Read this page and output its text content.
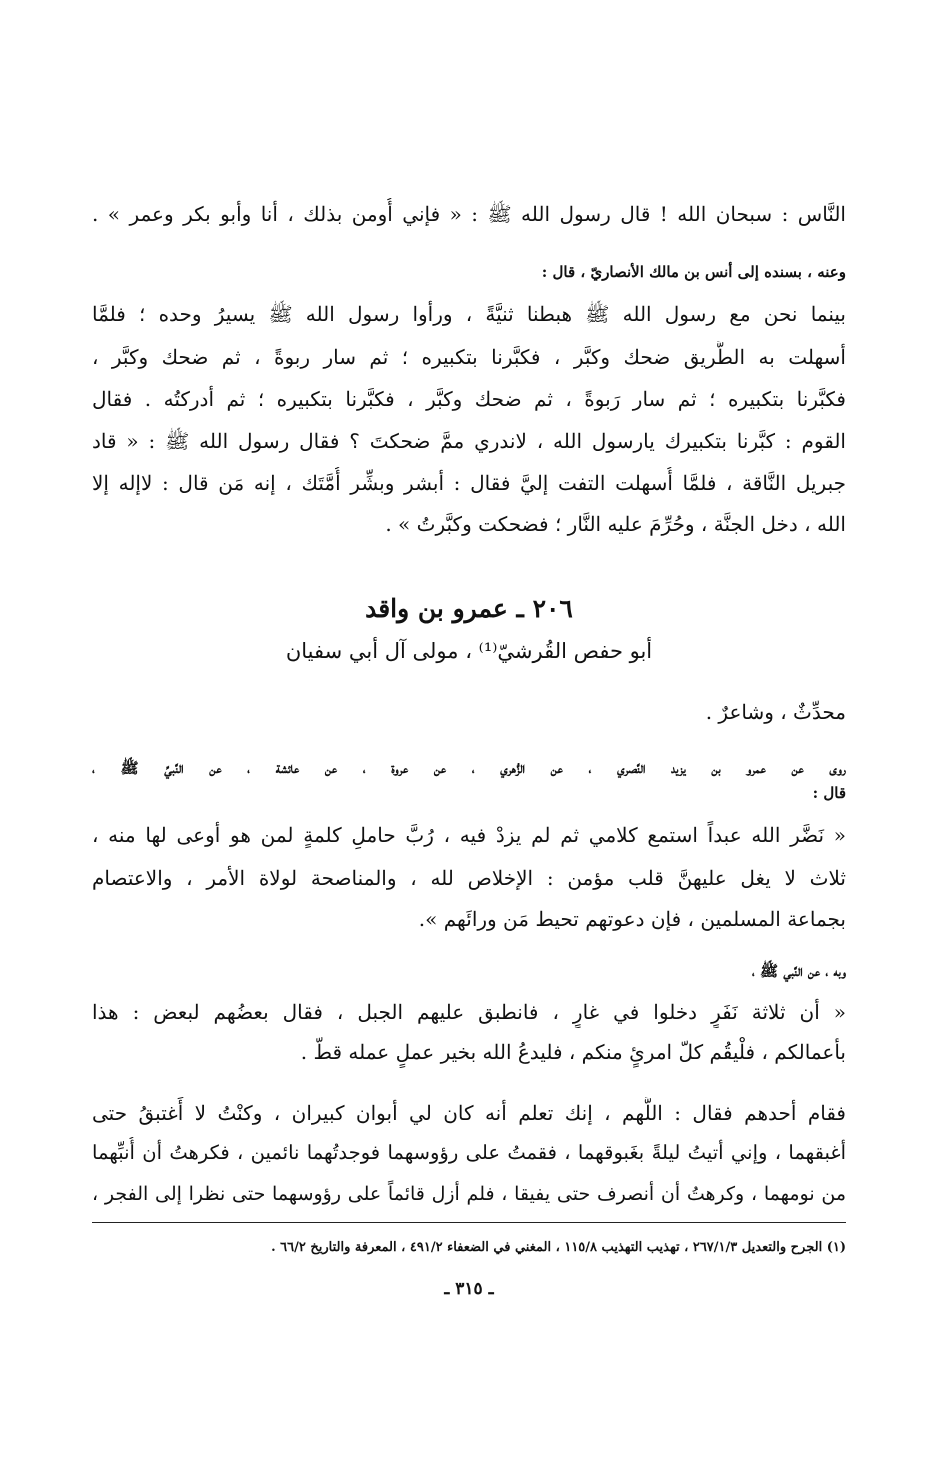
النَّاس : سبحان الله ! قال رسول الله ﷺ : « فإني أُومن بذلك ، أنا وأبو بكر وعمر » .
وعنه ، بسنده إلى أنس بن مالك الأنصاريّ ، قال :
بينما نحن مع رسول الله ﷺ هبطنا ثنيَّةً ، ورأوا رسول الله ﷺ يسيرُ وحده ؛ فلمَّا
أسهلت به الطَّريق ضحك وكبَّر ، فكبَّرنا بتكبيره ؛ ثم سار ربوةً ، ثم ضحك وكبَّر ،
فكبَّرنا بتكبيره ؛ ثم سار رَبوةً ، ثم ضحك وكبَّر ، فكبَّرنا بتكبيره ؛ ثم أدركتُه . فقال
القوم : كبَّرنا بتكبيرك يارسول الله ، لاندري ممَّ ضحكتَ ؟ فقال رسول الله ﷺ : « قاد
جبريل النَّاقة ، فلمَّا أُسهلت التفت إليَّ فقال : أبشر وبشِّر أُمَّتَك ، إنه مَن قال : لاإله إلا
الله ، دخل الجنَّة ، وحُرِّمَ عليه النَّار ؛ فضحكت وكبَّرتُ » .
٢٠٦ ـ عمرو بن واقد
أبو حفص القُرشيّ⁽¹⁾ ، مولى آل أبي سفيان
محدِّثٌ ، وشاعرٌ .
روى عن عمرو بن يزيد النَّصري ، عن الزُّهري ، عن عروة ، عن عائشة ، عن النَّبيِّ ﷺ ،
قال :
« نَضَّر الله عبداً استمع كلامي ثم لم يزدْ فيه ، رُبَّ حاملِ كلمةٍ لمن هو أوعى لها منه ،
ثلاث لا يغل عليهنَّ قلب مؤمن : الإخلاص لله ، والمناصحة لولاة الأمر ، والاعتصام
بجماعة المسلمين ، فإن دعوتهم تحيط مَن ورائَهم ».
وبه ، عن النَّبي ﷺ ،
« أن ثلاثة نَفَرٍ دخلوا في غارٍ ، فانطبق عليهم الجبل ، فقال بعضُهم لبعض : هذا
بأعمالكم ، فلْيقُم كلّ امرئٍ منكم ، فليدعُ الله بخير عملٍ عمله قطّ .
فقام أحدهم فقال : اللَّهم ، إنك تعلم أنه كان لي أبوان كبيران ، وكنْتُ لا أَغتبقُ حتى
أغبقهما ، وإني أتيتُ ليلةً بغَبوقهما ، فقمتُ على رؤوسهما فوجدتُهما نائمين ، فكرهتُ أن أُنبِّهما
من نومهما ، وكرهتُ أن أنصرف حتى يفيقا ، فلم أزل قائماً على رؤوسهما حتى نظرا إلى الفجر ،
(١) الجرح والتعديل ٢٦٧/١/٣ ، تهذيب التهذيب ١١٥/٨ ، المغني في الضعفاء ٤٩١/٢ ، المعرفة والتاريخ ٦٦/٢ .
ـ ٣١٥ ـ
